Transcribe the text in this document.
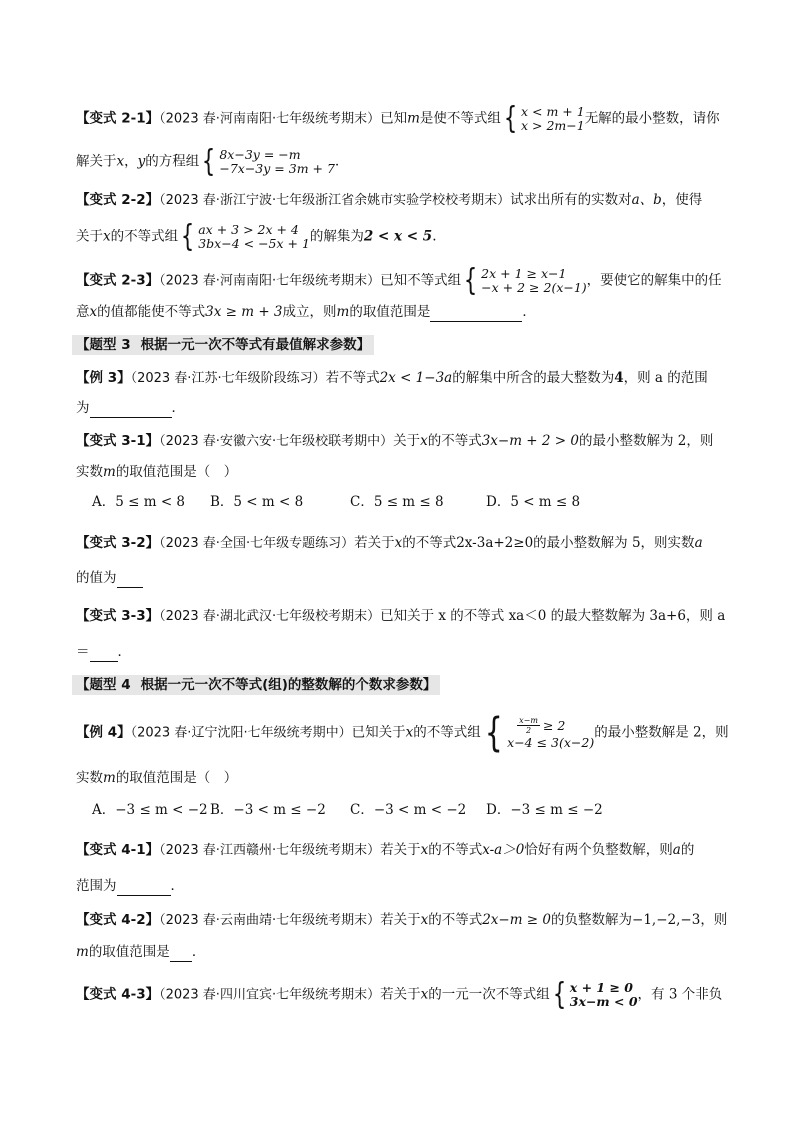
【变式 2-1】（2023 春·河南南阳·七年级统考期末）已知m是使不等式组 { x < m + 1
x > 2m−1 无解的最小整数，请你
解关于x，y的方程组 { 8x−3y = −m
−7x−3y = 3m + 7 ．
【变式 2-2】（2023 春·浙江宁波·七年级浙江省余姚市实验学校校考期末）试求出所有的实数对a、b，使得
关于x的不等式组 { ax + 3 > 2x + 4
3bx−4 < −5x + 1 的解集为2 < x < 5.
【变式 2-3】（2023 春·河南南阳·七年级统考期末）已知不等式组 { 2x + 1 ≥ x−1
−x + 2 ≥ 2(x−1) ，要使它的解集中的任
意x的值都能使不等式3x ≥ m + 3成立，则m的取值范围是	．
【题型 3 根据一元一次不等式有最值解求参数】
【例 3】（2023 春·江苏·七年级阶段练习）若不等式2x < 1−3a的解集中所含的最大整数为4，则 a 的范围
为	．
【变式 3-1】（2023 春·安徽六安·七年级校联考期中）关于x的不等式3x−m + 2 > 0的最小整数解为 2，则
实数m的取值范围是（　）
A．5 ≤ m < 8 B．5 < m < 8	C．5 ≤ m ≤ 8	D．5 < m ≤ 8
【变式 3-2】（2023 春·全国·七年级专题练习）若关于x的不等式2x-3a+2≥0的最小整数解为 5，则实数a
的值为
【变式 3-3】（2023 春·湖北武汉·七年级校考期末）已知关于 x 的不等式 xa＜0 的最大整数解为 3a+6，则 a
＝ ．
【题型 4 根据一元一次不等式(组)的整数解的个数求参数】
【例 4】（2023 春·辽宁沈阳·七年级统考期中）已知关于x的不等式组 { $\frac{x-m}{2} \ge 2$
x−4 ≤ 3(x−2)
的最小整数解是 2，则
实数m的取值范围是（　）
A．−3 ≤ m < −2 B．−3 < m ≤ −2 C．−3 < m < −2 D．−3 ≤ m ≤ −2
【变式 4-1】（2023 春·江西赣州·七年级统考期末）若关于x的不等式x-a＞0恰好有两个负整数解，则a的
范围为	．
【变式 4-2】（2023 春·云南曲靖·七年级统考期末）若关于x的不等式2x−m ≥ 0的负整数解为−1,−2,−3，则
m的取值范围是 ．
【变式 4-3】（2023 春·四川宜宾·七年级统考期末）若关于x的一元一次不等式组 { x + 1 ≥ 0
3x−m < 0 ，有 3 个非负
